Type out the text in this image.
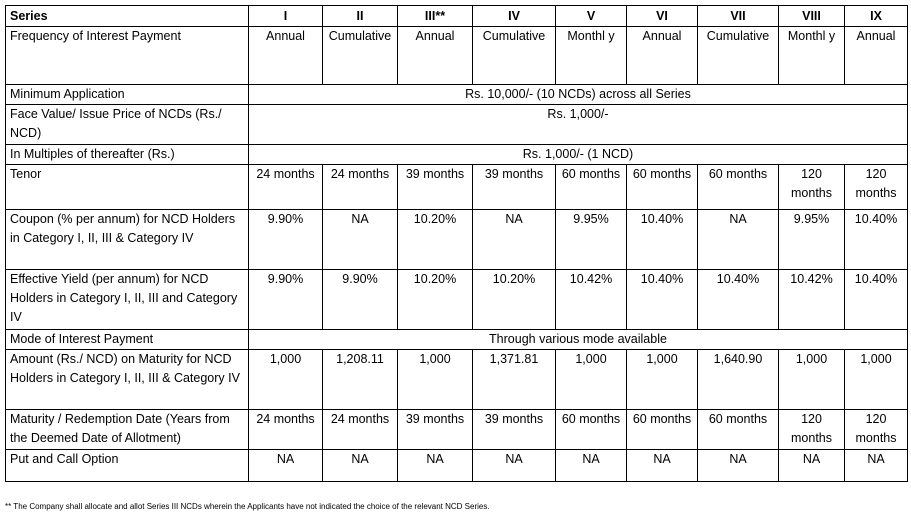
Series	I	II	III**	IV	V	VI	VII	VIII	IX
Frequency of Interest Payment	Annual	Cumulative	Annual	Cumulative	Monthl y	Annual	Cumulative	Monthl y	Annual
Minimum Application	Rs. 10,000/- (10 NCDs) across all Series								
Face Value/ Issue Price of NCDs (Rs./ NCD)	Rs. 1,000/-								
In Multiples of thereafter (Rs.)	Rs. 1,000/- (1 NCD)								
Tenor	24 months	24 months	39 months	39 months	60 months	60 months	60 months	120 months	120 months
Coupon (% per annum) for NCD Holders in Category I, II, III & Category IV	9.90%	NA	10.20%	NA	9.95%	10.40%	NA	9.95%	10.40%
Effective Yield (per annum) for NCD Holders in Category I, II, III and Category IV	9.90%	9.90%	10.20%	10.20%	10.42%	10.40%	10.40%	10.42%	10.40%
Mode of Interest Payment	Through various mode available								
Amount (Rs./ NCD) on Maturity for NCD Holders in Category I, II, III & Category IV	1,000	1,208.11	1,000	1,371.81	1,000	1,000	1,640.90	1,000	1,000
Maturity / Redemption Date (Years from the Deemed Date of Allotment)	24 months	24 months	39 months	39 months	60 months	60 months	60 months	120 months	120 months
Put and Call Option	NA	NA	NA	NA	NA	NA	NA	NA	NA
** The Company shall allocate and allot Series III NCDs wherein the Applicants have not indicated the choice of the relevant NCD Series.
